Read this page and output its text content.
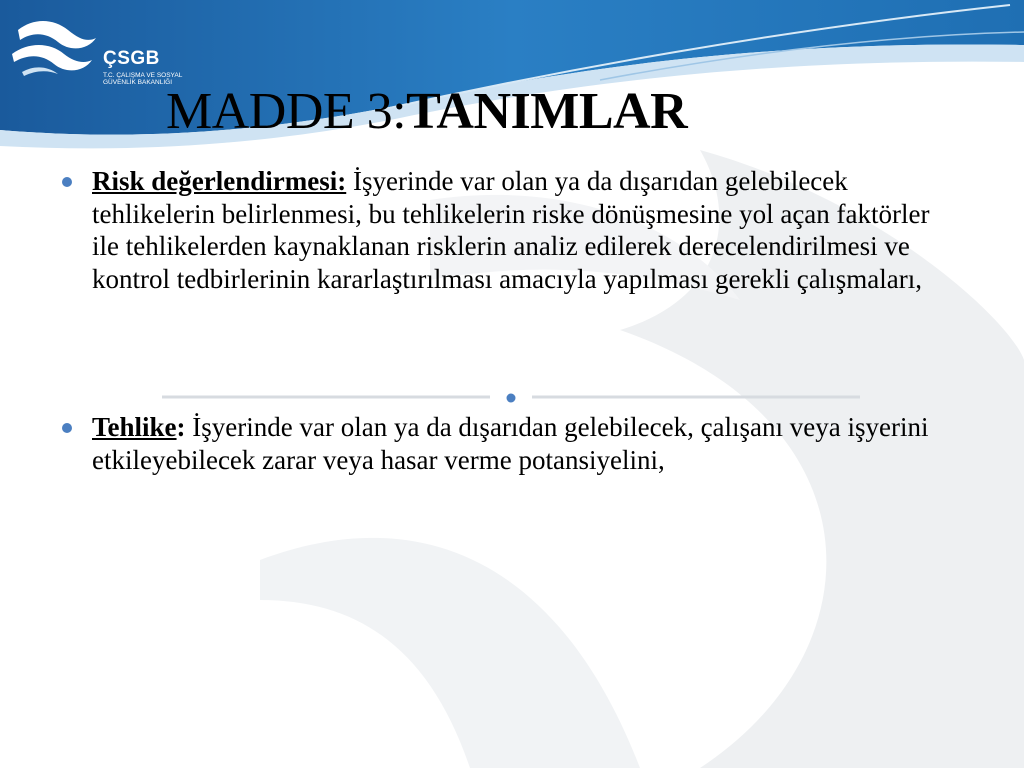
ÇSGB
T.C. ÇALIŞMA VE SOSYAL GÜVENLİK BAKANLIĞI
MADDE 3:TANIMLAR
Risk değerlendirmesi: İşyerinde var olan ya da dışarıdan gelebilecek tehlikelerin belirlenmesi, bu tehlikelerin riske dönüşmesine yol açan faktörler ile tehlikelerden kaynaklanan risklerin analiz edilerek derecelendirilmesi ve kontrol tedbirlerinin kararlaştırılması amacıyla yapılması gerekli çalışmaları,
Tehlike: İşyerinde var olan ya da dışarıdan gelebilecek, çalışanı veya işyerini etkileyebilecek zarar veya hasar verme potansiyelini,
